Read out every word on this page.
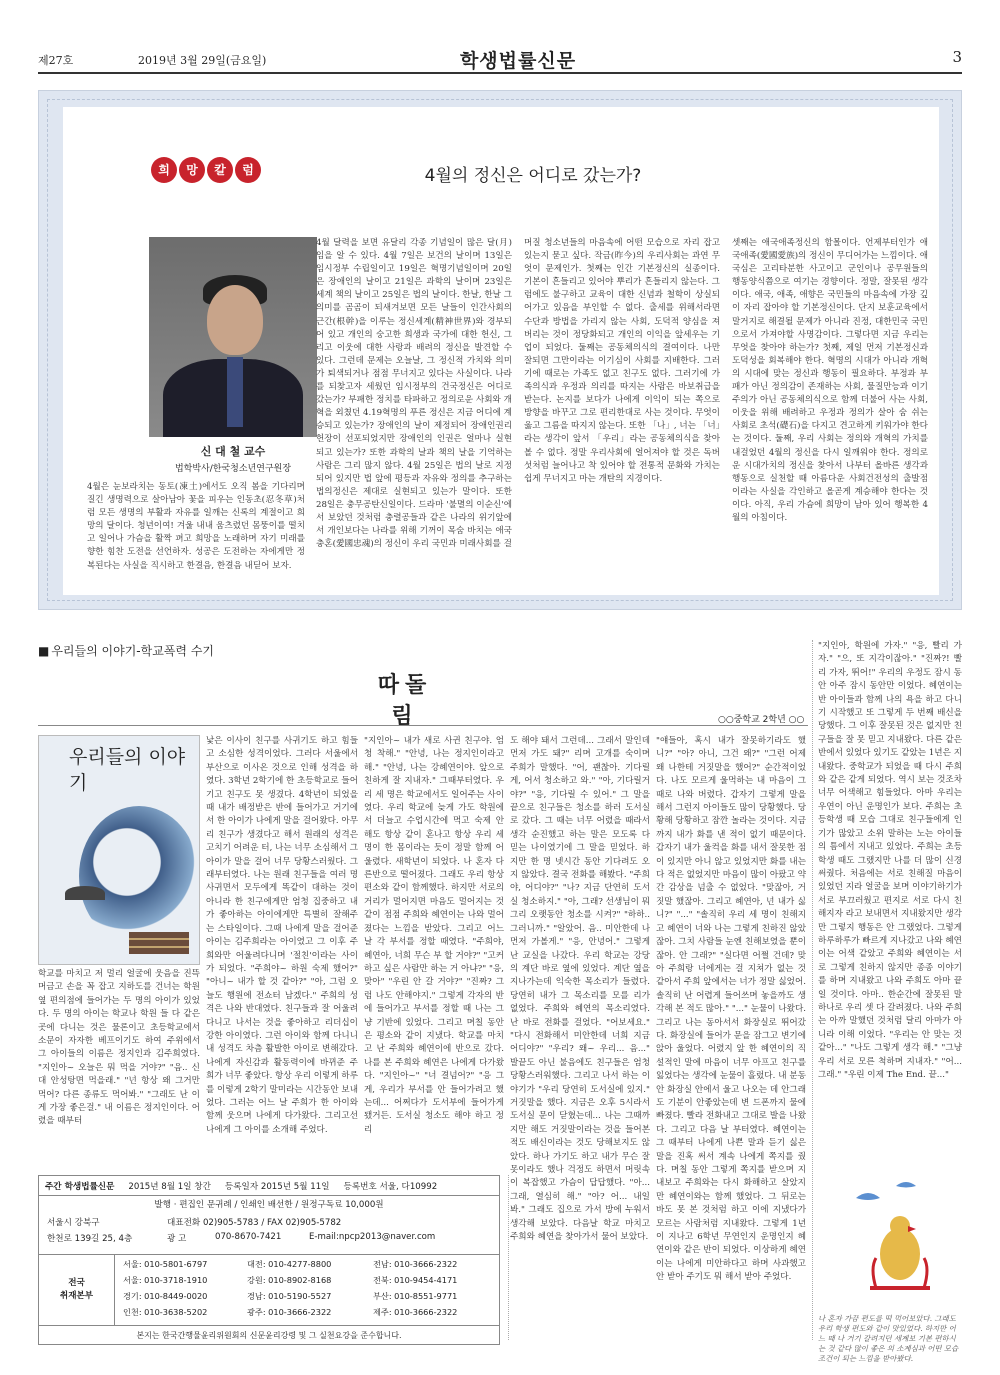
제27호	2019년 3월 29일(금요일)	학생법률신문	3
희	망	칼	럼	4월의 정신은 어디로 갔는가?
신 대 철 교수
법학박사/한국청소년연구원장
4월은 눈보라치는 동토(凍土)에서도 오직 봄을 기다리며 질긴 생명력으로 살아남아 꽃을 피우는 인동초(忍冬草)처럼 모든 생명의 부활과 자유를 일깨는 신록의 계절이고 희망의 달이다. 청년이여! 겨울 내내 움츠렸던 몸뚱이를 떨치고 일어나 가슴을 활짝 펴고 희망을 노래하며 자기 미래를 향한 힘찬 도전을 선언하자. 성공은 도전하는 자에게만 정복된다는 사실을 직시하고 한결음, 한결음 내딛어 보자.
4월 달력을 보면 유달리 각종 기념일이 많은 달(月)임을 알 수 있다. 4월 7일은 보건의 날이며 13일은 임시정부 수립일이고 19일은 혁명기념일이며 20일은 장애인의 날이고 21일은 과학의 날이며 23일은 세계 책의 날이고 25일은 법의 날이다. 한날, 한날 그 의미를 곰곰이 되새겨보면 모든 날들이 인간사회의 근간(根幹)을 이루는 정신세계(精神世界)와 경부되어 있고 개인의 숭고한 희생과 국가에 대한 헌신, 그리고 이웃에 대한 사랑과 배려의 정신을 발견할 수 있다. 그런데 문제는 오늘날, 그 정신적 가치와 의미가 퇴색되거나 점점 무너지고 있다는 사실이다. 나라를 되찾고자 세웠던 임시정부의 건국정신은 어디로 갔는가? 부패한 정치를 타파하고 정의로운 사회와 개혁을 외쳤던 4.19혁명의 푸른 정신은 지금 어디에 계승되고 있는가? 장애인의 날이 제정되어 장애인권리헌장이 선포되었지만 장애인의 인권은 얼마나 실현되고 있는가? 또한 과학의 날과 책의 날을 기억하는 사람은 그리 많지 않다. 4월 25일은 법의 날로 지정되어 있지만 법 앞에 평등과 자유와 정의를 추구하는 법의정신은 제대로 실현되고 있는가 말이다. 또한 28일은 충무공탄신일이다. 드라마 '불멸의 이순신'에서 보았던 것처럼 충렬공들과 같은 나라의 위기앞에서 개인보다는 나라를 위해 기꺼이 목숨 바치는 애국충혼(愛國忠魂)의 정신이 우리 국민과 미래사회를 걸
머질 청소년들의 마음속에 어떤 모습으로 자리 잡고 있는지 묻고 싶다. 작금(昨今)의 우리사회는 과연 무엇이 문제인가. 첫째는 인간 기본정신의 실종이다. 기본이 흔들리고 있어야 뿌리가 흔들리지 않는다. 그럼에도 불구하고 교육이 대한 신념과 철학이 상실되어가고 있음을 부인할 수 없다. 출세를 위해서라면 수단과 방법을 가리지 않는 사회, 도덕적 양심을 져버리는 것이 정당화되고 개인의 이익을 앞세우는 기업이 되었다. 둘째는 공동체의식의 결여이다. 나만 잘되면 그만이라는 이기심이 사회를 지배한다. 그러기에 때로는 가족도 없고 친구도 없다. 그러기에 가족의식과 우정과 의리를 따지는 사람은 바보취급을 받는다. 논지를 보다가 나에게 이익이 되는 쪽으로 방향을 바꾸고 그로 편리한대로 사는 것이다. 무엇이 옳고 그름을 따지지 않는다. 또한 「나」, 너는 「너」라는 생각이 앞서 「우리」라는 공동체의식을 찾아 볼 수 없다. 정말 우리사회에 얼어져야 할 것은 독버섯처럼 늘어나고 착 있어야 할 전통적 문화와 가치는 쉽게 무너지고 마는 개탄의 지경이다.
셋째는 애국애족정신의 함몰이다. 언제부터인가 애국애족(愛國愛族)의 정신이 무디어가는 느낌이다. 애국심은 고리타분한 사고이고 군인이나 공무원들의 행동양식쯤으로 여기는 경향이다. 정말, 잘못된 생각이다. 애국, 애족, 애향은 국민들의 마음속에 가장 깊이 자리 잡아야 할 기본정신이다. 단지 보훈교육에서 말거지로 해결될 문제가 아니라 진정, 대한민국 국민으로서 가져야할 사명감이다. 그렇다면 지금 우리는 무엇을 찾아야 하는가? 첫째, 제일 먼저 기본정신과 도덕성을 회복해야 한다. 혁명의 시대가 아니라 개혁의 시대에 맞는 정신과 행동이 필요하다. 부정과 부패가 아닌 정의감이 존재하는 사회, 물질만능과 이기주의가 아닌 공동체의식으로 함께 더불어 사는 사회, 이웃을 위해 배려하고 우정과 정의가 살아 숨 쉬는 사회로 초석(礎石)을 다지고 견고하게 키워가야 한다는 것이다. 둘째, 우리 사회는 정의와 개혁의 가치를 내걸었던 4월의 정신을 다시 일깨워야 한다. 정의로운 시대가치의 정신을 찾아서 나부터 올바른 생각과 행동으로 실천할 때 아름다운 사회건전성의 출발점이라는 사실을 각인하고 올곧게 계승해야 한다는 것이다. 아직, 우리 가슴에 희망이 남아 있어 행복한 4월의 아침이다.
■ 우리들의 이야기-학교폭력 수기
따돌림	○○중학교 2학년 ○○
우리들의 이야기
학교를 마치고 저 멀리 얼굴에 웃음을 진뜩 머금고 손을 꼭 잡고 지하도를 건너는 학원 옆 편의점에 들어가는 두 명의 아이가 있었다. 두 명의 아이는 학교나 학원 들 다 같은 곳에 다니는 것은 물론이고 초등학교에서 소문이 자자한 베프이기도 하여 주위에서 그 아이들의 이름은 정지인과 김주희였다. "지인아~ 오늘은 뭐 먹을 거야?" "음.. 신 대 안성탕면 먹을래." "넌 항상 왜 그거만 먹어? 다른 종류도 먹어봐." "그래도 난 이게 가장 좋은걸." 내 이름은 정지인이다. 어렸을 때부터
낯은 이사이 친구를 사귀기도 하고 힘들고 소심한 성격이었다. 그러다 서울에서 부산으로 이사온 것으로 인해 성격을 하였다. 3학년 2학기에 한 초등학교로 들어기고 친구도 못 생겼다. 4학년이 되었을 때 내가 배정받은 반에 들어가고 거기에서 한 아이가 나에게 말을 걸어왔다. 아무리 친구가 생겼다고 해서 원래의 성격은 고치기 어려운 터, 나는 너무 소심해서 그 아이가 말을 걸어 너무 당황스러웠다. 그래부터였다. 나는 원래 친구들을 여러 명 사귀면서 모두에게 똑같이 대하는 것이 아니라 한 친구에게만 엄청 집중하고 내가 좋아하는 아이에게만 특별히 잘해주는 스타일이다. 그때 나에게 말을 걸어준 아이는 김주희라는 아이였고 그 이후 주희와만 어울려다니며 '절친'이라는 사이가 되었다. "주희야~ 하원 숙제 했어?" "아니~ 내가 할 것 같아?" "아, 그럼 오늘도 행원에 전쇼터 남겠다." 주희의 성격은 나와 반대였다. 친구들과 잘 어울려 다니고 나서는 것을 좋아하고 리더십이 강한 아이였다. 그런 아이와 함께 다니니 내 성격도 차츰 활발한 아이로 변해갔다. 나에게 자신감과 활동력이에 바뀌준 주희가 너무 좋았다. 항상 우리 이렇게 하루를 이렇게 2학기 말미라는 시간동안 보내었다. 그러는 어느 날 주희가 한 아이와 함께 웃으며 나에게 다가왔다. 그리고선 나에게 그 아이를 소개해 주었다.
"지인아~ 내가 새로 사귄 친구야. 엄청 착해." "안녕, 나는 정지인이라고 해." "안녕, 나는 강혜연이야. 앞으로 친하게 잘 지내자." 그때부터였다. 우리 세 명은 학교에서도 일어주는 사이였다. 우리 학교에 늦게 가도 학원에서 더늘고 수업시간에 먹고 숙제 안 해도 항상 같이 혼나고 항상 우리 세명이 한 몸이라는 듯이 정말 함께 어울렸다. 새학년이 되었다. 나 혼자 다른반으로 떨어졌다. 그래도 우리 항상 편소와 같이 함께했다. 하지만 서로의 거리가 멀어지면 마음도 멀어지는 것 같이 점점 주희와 혜연이는 나와 멀어졌다는 느낌을 받았다. 그리고 어느 날 각 부서를 정할 때였다. "주희야, 혜연아, 너희 무슨 부 할 거야?" "고커 하고 싶은 사람만 하는 거 아냐?" "응, 맞아" "우린 안 갈 거야?" "진짜? 그럼 나도 안해야지." 그렇게 각자의 반에 들어가고 부서를 정할 때 나는 그냥 기반에 있었다. 그리고 며칠 동안은 평소와 같이 지냈다. 학교를 마치고 난 주희와 혜연이에 반으로 갔다. 나를 본 주희와 혜연은 나에게 다가왔다. "지인아~" "너 결넘어?" "응 그게, 우리가 부서를 안 들어가려고 했는데... 어쩌다가 도서부에 들어가게 됐거든. 도서실 청소도 해야 하고 정리
도 해야 돼서 그런데... 그래서 말인데 먼저 가도 돼?" 리며 고개를 숙이며 주희가 말했다. "어, 괜찮아. 기다릴게, 어서 청소하고 와." "아, 기다릴거야?" "응, 기다릴 수 있어." 그 말을 끝으로 친구들은 청소를 하러 도서실로 갔다. 그 때는 너무 어렸을 때라서 생각 순진했고 하는 말은 모도록 다 믿는 나이였기에 그 말을 믿었다. 하지만 한 명 넷시간 동안 기다려도 오지 않았다. 결국 전화를 해봤다. "주희야, 어디야?" "나? 지금 단연히 도서실 청소하지." "아, 그래? 선생님이 뭐 그리 오랫동안 청소를 시켜?" "하하.. 그러니까." "알았어. 음.. 미안한데 나 먼저 가볼게." "응, 안녕어." 그렇게 난 교실을 나갔다. 우리 학교는 강당의 계단 바로 옆에 있었다. 계단 옆을 지나가는데 익숙한 목소리가 들렸다. 당연히 내가 그 목소리를 모를 리가 없었다. 주희와 혜연의 목소리였다. 난 바로 전화를 걸었다. "어보세요." "다시 전화해서 미안한데 너희 지금 어디야?" "우리? 왜~ 우리... 음..." 발끝도 아닌 불음에도 친구들은 엄청 당황스러워했다. 그리고 나서 하는 이야기가 "우리 당연히 도서실에 있지." 거짓말을 했다. 지금은 오후 5시라서 도서실 문이 닫혔는데... 나는 그때까지만 해도 거짓말이라는 것을 들어본 적도 배신이라는 것도 당해보지도 않았다. 하나 가기도 하고 내가 무슨 잘못이라도 했나 걱정도 하면서 머릿속이 복잡했고 가슴이 답답했다. "아... 그래, 열심히 해." "아? 어... 내일 봐." 그래도 집으로 가서 방에 누워서 생각해 보았다. 다음날 학교 마치고 주희와 혜연을 찾아가서 물어 보았다.
"얘들아, 혹시 내가 잘못하기라도 했니?" "아? 아니, 그건 왜?" "그런 어제 왜 나한테 거짓말을 했어?" 순간적이었다. 나도 모르게 울먹하는 내 마음이 그때로 나와 버렸다. 갑자기 그렇게 말을 해서 그런지 아이들도 많이 당황했다. 당황해 당황하고 잠깐 놀라는 것이다. 지금까지 내가 화를 낸 적이 없기 때문이다. 갑자기 내가 울컥을 화를 내서 잘못한 점이 있지만 아니 않고 있었지만 화를 내는 다 적은 없었지만 마음이 많이 아팠고 약간 감상을 넘출 수 없었다. "맞잖아, 거짓말 했잖아. 그리고 혜연아, 넌 내가 싫니?" "..." "솔직히 우리 세 명이 친해지고 혜연이 너와 나는 그렇게 친하진 않았잖아. 그치 사람들 눈엔 친해보였을 뿐이잖아. 안 그래?" "실다면 어쩔 건데? 맞아 주희랑 너에게는 걸 지쳐가 없는 것 같아서 주희 앞에서는 너가 정말 싫었어. 솔직히 난 어렵게 들어쓰며 놓을까도 생각해 본 적도 많아." "..." 눈물이 나왔다. 그리고 나는 동아서서 화장실로 뛰어갔다. 화장실에 들어가 문을 잠그고 변기에 앉아 울었다. 어렸지 앞 한 혜연이의 직설적인 말에 마음이 너무 아프고 친구를 잃었다는 생각에 눈물이 흘렀다. 내 분동안 화장실 안에서 울고 나오는 데 안그래도 기분이 안좋았는데 변 드폰까지 물에 빠졌다. 빨라 전화내고 그대로 발을 나왔다. 그리고 다음 날 부터였다. 혜연이는 그 때부터 나에게 나쁜 말과 듣기 싫은 말을 진혹 써서 계속 나에게 쪽지를 줬다. 며칠 동안 그렇게 쪽지를 받으며 지내보고 주희와는 다시 화해하고 살았지만 혜연이와는 함께 했었다. 그 뒤로는 바도 못 본 것처럼 하고 이에 지냈다가 모르는 사람처럼 지내왔다. 그렇게 1년이 지나고 6학년 무연인지 운명인지 혜연이와 같은 반이 되었다. 이상하게 혜연이는 나에게 미안하다고 하며 사과했고 안 받아 주기도 뭐 해서 받아 주었다.
"지인아, 학원에 가자." "응, 빨리 가자." "으, 또 지각이잖아." "진짜?! 빨리 가자, 뛰어!" 우리의 우정도 잠시 동안 아주 잠시 동안만 이었다. 혜연이는 반 아이들과 함께 나의 욕을 하고 다니기 시작했고 또 그렇게 두 번째 배신을 당했다. 그 이후 잘못된 것은 없지만 친구들을 잘 못 믿고 지내왔다. 다른 같은 반에서 있었다 있기도 같았는 1년은 지내왔다. 중학교가 되었을 때 다시 주희와 같은 같게 되었다. 역시 보는 것조차 너무 어색해고 힘들었다. 아마 우리는 우연이 아닌 운명인가 보다. 주희는 초등학생 때 모습 그대로 친구들에게 인기가 많았고 소위 말하는 노는 아이들의 틈에서 지내고 있었다. 주희는 초등학생 때도 그랬지만 나를 더 많이 신경 써줬다. 처음에는 서로 친해질 마음이 있었던 지라 얼굴을 보며 이야기하기가 서로 부끄러웠고 편지로 서로 다시 친해지자 라고 보내면서 지내왔지만 생각만 그렇지 행동은 안 그랬었다. 그렇게 하루하루가 빠르게 지나갔고 나와 혜연이는 어색 같았고 주희와 혜연이는 서로 그렇게 친하지 않지만 종종 이야기를 하며 지내왔고 나와 주희도 아마 끝일 것이다. 아마.. 한순간에 잘못된 말 하나로 우리 셋 다 갈려졌다. 나와 주희는 아까 말했던 것처럼 달리 아마가 아니라 이해 이었다. "우리는 안 맞는 것 같아..." "나도 그렇게 생각 해." "그냥 우리 서로 모른 척하며 지내자." "어... 그래." "우린 이제 The End. 끝..."
주간 학생법률신문 2015년 8월 1일 창간 등록일자 2015년 5월 11일 등록번호 서울, 다10992
발행 · 편집인 문귀례 / 인쇄인 배선한 / 원정구독료 10,000원
서울시 강북구	대표전화 02)905-5783 / FAX 02)905-5782
한천로 139길 25, 4층	광 고	070-8670-7421	E-mail:npcp2013@naver.com
전국
취재본부
서울: 010-5801-6797	대전: 010-4277-8800	전남: 010-3666-2322
서울: 010-3718-1910	강원: 010-8902-8168	전북: 010-9454-4171
경기: 010-8449-0020	경남: 010-5190-5527	부산: 010-8551-9771
인천: 010-3638-5202	광주: 010-3666-2322	제주: 010-3666-2322
본지는 한국간행물윤리위원회의 신문윤리강령 및 그 실천요강을 준수합니다.
나 혼자 가끔 편도를 떡 먹어보았다. 그래도 우리 학생 편도와 같이 맛있었다. 하지만 어느 때 나 거기 갈려지던 세계보 기본 편하시는 것 같다 많이 좋은 의 소계심과 어떤 모습 조건이 되는 느낌을 받아봤다.
